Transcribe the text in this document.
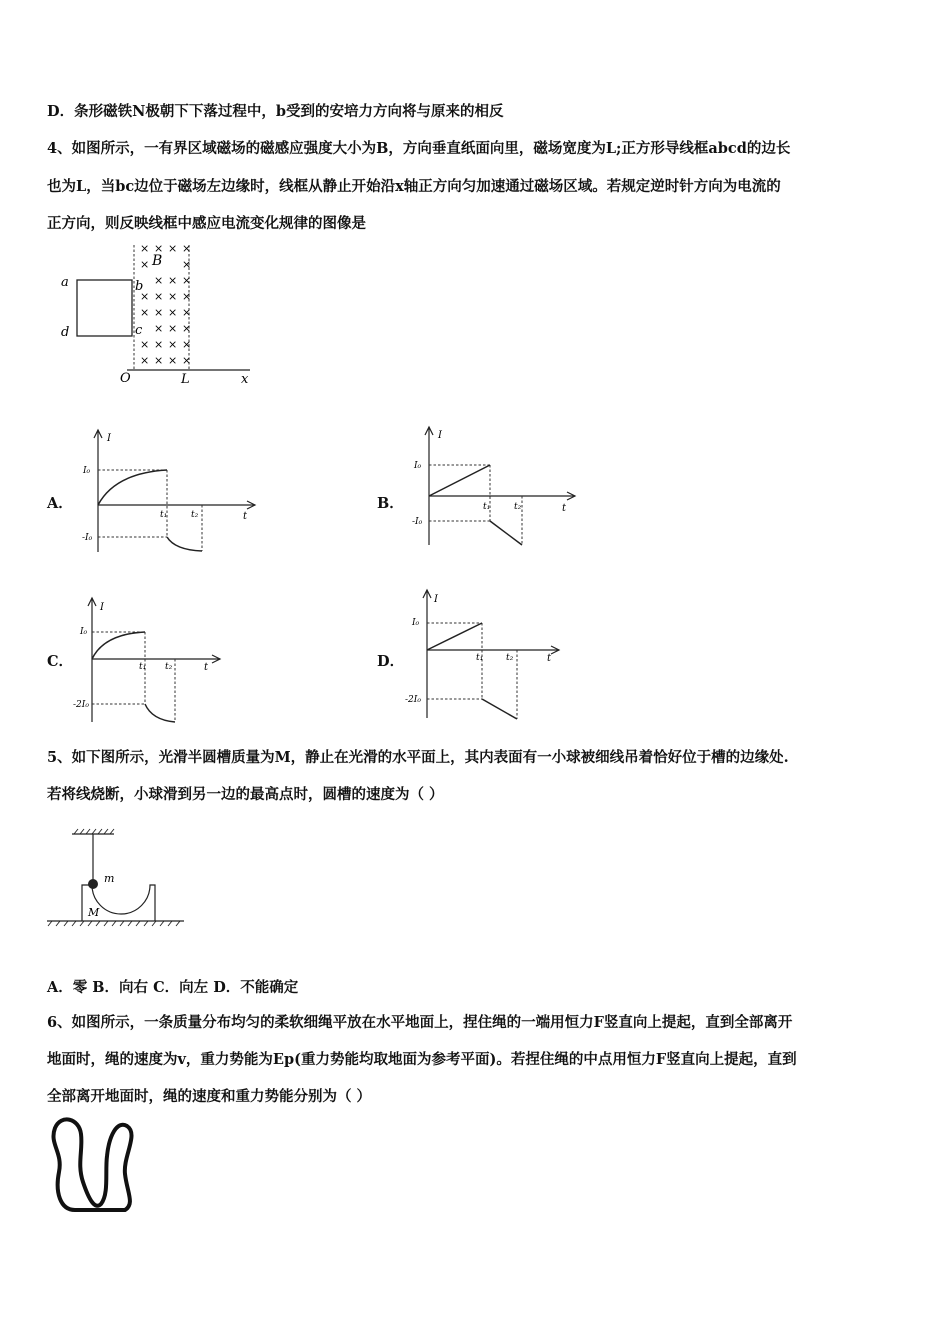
D．条形磁铁N极朝下下落过程中，b受到的安培力方向将与原来的相反
4、如图所示，一有界区域磁场的磁感应强度大小为B，方向垂直纸面向里，磁场宽度为L;正方形导线框abcd的边长
也为L，当bc边位于磁场左边缘时，线框从静止开始沿x轴正方向匀加速通过磁场区域。若规定逆时针方向为电流的
正方向，则反映线框中感应电流变化规律的图像是
a
d
O	L	x
× × × ×
×	×
× × ×
× × × ×
× × × ×
× × ×
× × × ×
× × × ×
B
b
c
A．	B．
C．	D．
I
t
I₀
-I₀
t₁	t₂
I
t
I₀
-I₀
t₁	t₂
I
t
I₀
-2I₀
t₁ t₂
I
t
I₀
-2I₀
t₁	t₂
5、如下图所示，光滑半圆槽质量为M，静止在光滑的水平面上，其内表面有一小球被细线吊着恰好位于槽的边缘处.
若将线烧断，小球滑到另一边的最高点时，圆槽的速度为（ ）
m
M
A．零 B．向右 C．向左 D．不能确定
6、如图所示，一条质量分布均匀的柔软细绳平放在水平地面上，捏住绳的一端用恒力F竖直向上提起，直到全部离开
地面时，绳的速度为v，重力势能为Ep(重力势能均取地面为参考平面)。若捏住绳的中点用恒力F竖直向上提起，直到
全部离开地面时，绳的速度和重力势能分别为（ ）
